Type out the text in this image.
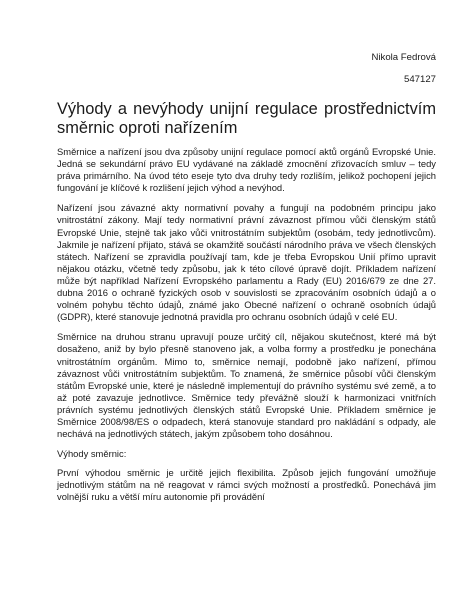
Nikola Fedrová

547127

Výhody a nevýhody unijní regulace prostřednictvím směrnic oproti nařízením

Směrnice a nařízení jsou dva způsoby unijní regulace pomocí aktů orgánů Evropské Unie. Jedná se sekundární právo EU vydávané na základě zmocnění zřizovacích smluv – tedy práva primárního. Na úvod této eseje tyto dva druhy tedy rozliším, jelikož pochopení jejich fungování je klíčové k rozlišení jejich výhod a nevýhod.

Nařízení jsou závazné akty normativní povahy a fungují na podobném principu jako vnitrostátní zákony. Mají tedy normativní právní závaznost přímou vůči členským států Evropské Unie, stejně tak jako vůči vnitrostátním subjektům (osobám, tedy jednotlivcům). Jakmile je nařízení přijato, stává se okamžitě součástí národního práva ve všech členských státech. Nařízení se zpravidla používají tam, kde je třeba Evropskou Unií přímo upravit nějakou otázku, včetně tedy způsobu, jak k této cílové úpravě dojít. Příkladem nařízení může být například Nařízení Evropského parlamentu a Rady (EU) 2016/679 ze dne 27. dubna 2016 o ochraně fyzických osob v souvislosti se zpracováním osobních údajů a o volném pohybu těchto údajů, známé jako Obecné nařízení o ochraně osobních údajů (GDPR), které stanovuje jednotná pravidla pro ochranu osobních údajů v celé EU.

Směrnice na druhou stranu upravují pouze určitý cíl, nějakou skutečnost, které má být dosaženo, aniž by bylo přesně stanoveno jak, a volba formy a prostředku je ponechána vnitrostátním orgánům. Mimo to, směrnice nemají, podobně jako nařízení, přímou závaznost vůči vnitrostátním subjektům. To znamená, že směrnice působí vůči členským státům Evropské unie, které je následně implementují do právního systému své země, a to až poté zavazuje jednotlivce. Směrnice tedy převážně slouží k harmonizaci vnitřních právních systému jednotlivých členských států Evropské Unie. Příkladem směrnice je Směrnice 2008/98/ES o odpadech, která stanovuje standard pro nakládání s odpady, ale nechává na jednotlivých státech, jakým způsobem toho dosáhnou.

Výhody směrnic:

První výhodou směrnic je určitě jejich flexibilita. Způsob jejich fungování umožňuje jednotlivým státům na ně reagovat v rámci svých možností a prostředků. Ponechává jim volnější ruku a větší míru autonomie při provádění
